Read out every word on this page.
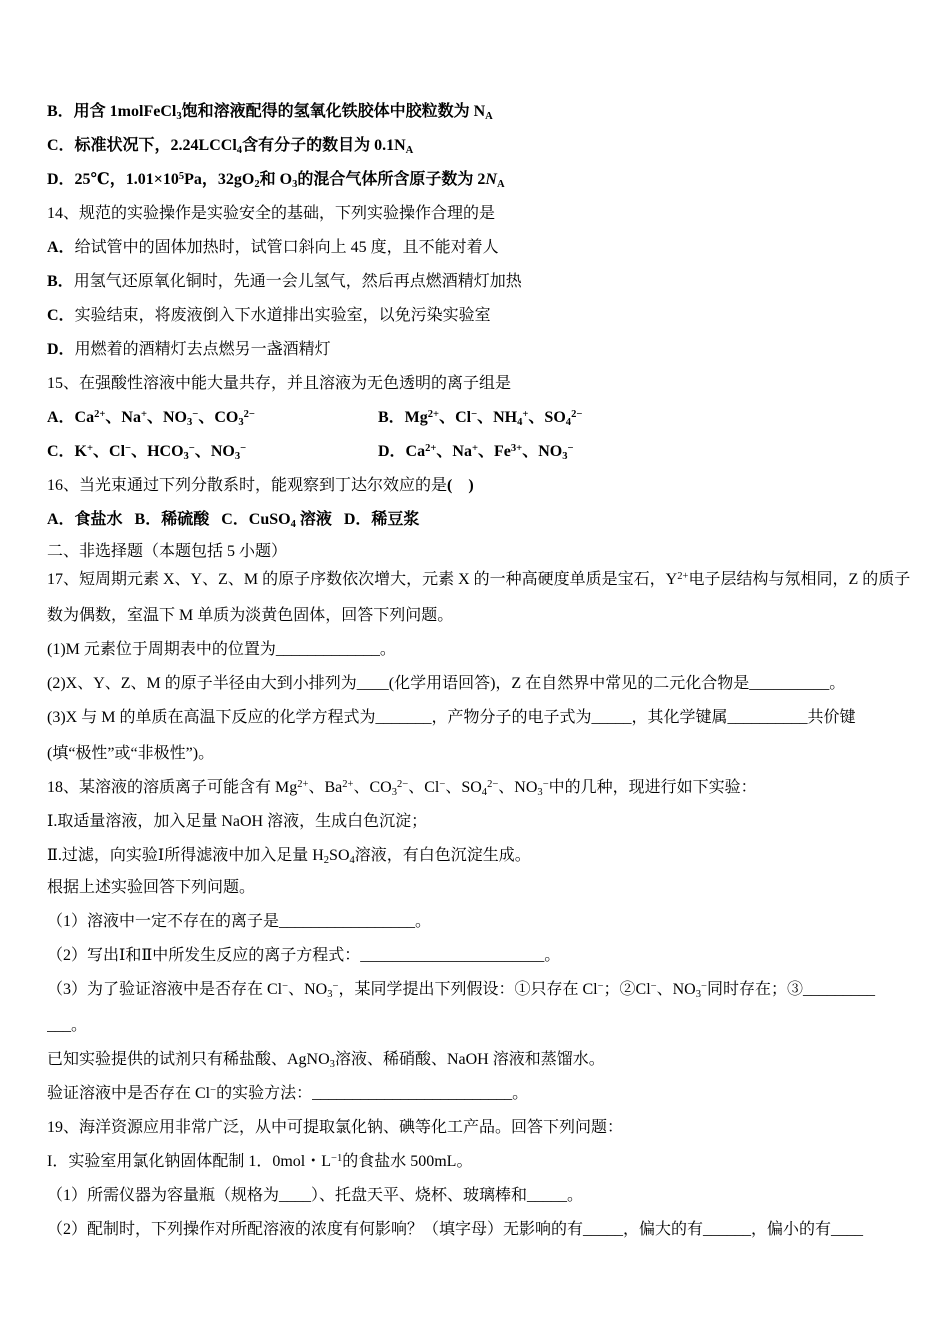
B．用含 1molFeCl$_3$饱和溶液配得的氢氧化铁胶体中胶粒数为 $N_A$

C．标准状况下，2.24LCCl$_4$含有分子的数目为 $0.1N_A$

D．25℃，$1.01\times 10^5Pa$，$32gO_2$和 $O_3$的混合气体所含原子数为 $2N_A$

14、规范的实验操作是实验安全的基础，下列实验操作合理的是

A．给试管中的固体加热时，试管口斜向上 45 度，且不能对着人

B．用氢气还原氧化铜时，先通一会儿氢气，然后再点燃酒精灯加热

C．实验结束，将废液倒入下水道排出实验室，以免污染实验室

D．用燃着的酒精灯去点燃另一盏酒精灯

15、在强酸性溶液中能大量共存，并且溶液为无色透明的离子组是

A．$Ca^{2+}$、Na+、$NO_3^-$、$CO_3^{2-}$	B．$Mg^{2+}$、Cl−、$NH_4^+$、$SO_4^{2-}$
C．K+、Cl−、$HCO_3^-$、$NO_3^-$	D．$Ca^{2+}$、Na+、$Fe^{3+}$、$NO_3^-$

16、当光束通过下列分散系时，能观察到丁达尔效应的是(    )

A．食盐水   B．稀硫酸   C．CuSO$_4$ 溶液   D．稀豆浆

二、非选择题（本题包括 5 小题）

17、短周期元素 X、Y、Z、M 的原子序数依次增大，元素 X 的一种高硬度单质是宝石，$Y^{2+}$电子层结构与氖相同，Z 的质子

数为偶数，室温下 M 单质为淡黄色固体，回答下列问题。

(1)M 元素位于周期表中的位置为_____________。

(2)X、Y、Z、M 的原子半径由大到小排列为____(化学用语回答)，Z 在自然界中常见的二元化合物是__________。

(3)X 与 M 的单质在高温下反应的化学方程式为_______，产物分子的电子式为_____，其化学键属__________共价键

(填“极性”或“非极性”)。

18、某溶液的溶质离子可能含有 $Mg^{2+}$、$Ba^{2+}$、$CO_3^{2-}$、Cl−、$SO_4^{2-}$、$NO_3^-$中的几种，现进行如下实验：

Ⅰ.取适量溶液，加入足量 NaOH 溶液，生成白色沉淀；

Ⅱ.过滤，向实验Ⅰ所得滤液中加入足量 $H_2SO_4$溶液，有白色沉淀生成。

根据上述实验回答下列问题。

（1）溶液中一定不存在的离子是_________________。

（2）写出Ⅰ和Ⅱ中所发生反应的离子方程式：_______________________。

（3）为了验证溶液中是否存在 Cl−、$NO_3^-$，某同学提出下列假设：①只存在 Cl−；②Cl−、$NO_3^-$同时存在；③_________

___。

已知实验提供的试剂只有稀盐酸、AgNO$_3$溶液、稀硝酸、NaOH 溶液和蒸馏水。

验证溶液中是否存在 Cl−的实验方法：_________________________。

19、海洋资源应用非常广泛，从中可提取氯化钠、碘等化工产品。回答下列问题：

I．实验室用氯化钠固体配制 1．0mol・$L^{-1}$的食盐水 500mL。

（1）所需仪器为容量瓶（规格为____）、托盘天平、烧杯、玻璃棒和_____。

（2）配制时，下列操作对所配溶液的浓度有何影响？（填字母）无影响的有_____，偏大的有______，偏小的有____
